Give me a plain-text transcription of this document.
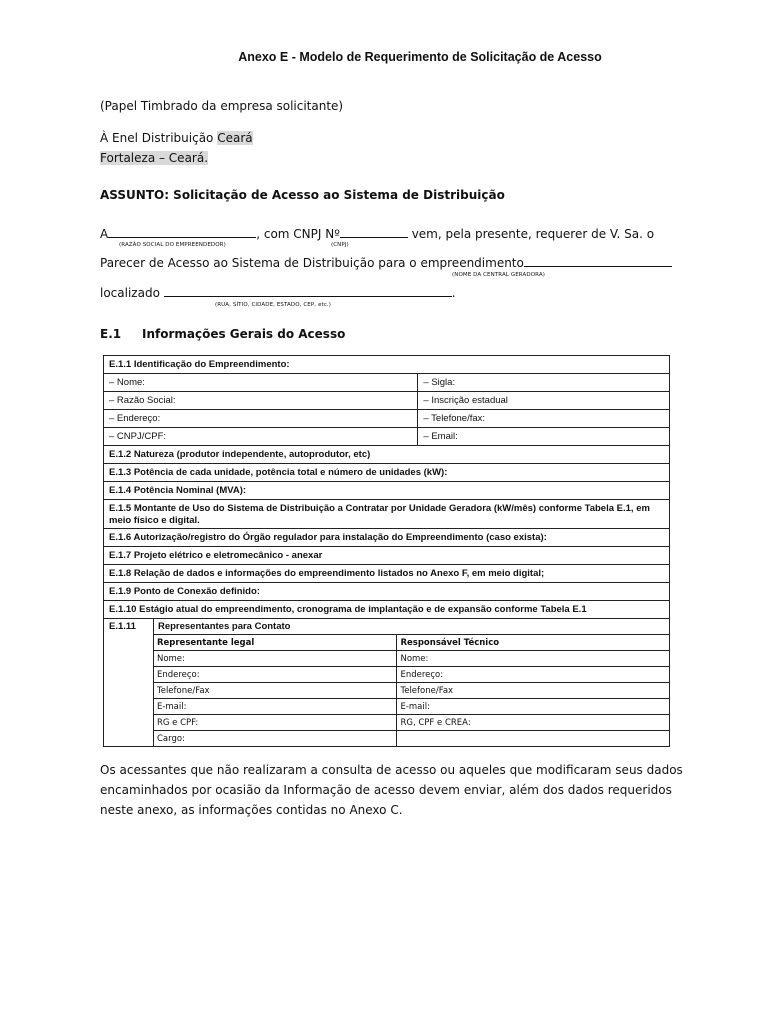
Anexo E - Modelo de Requerimento de Solicitação de Acesso
(Papel Timbrado da empresa solicitante)
À Enel Distribuição Ceará
Fortaleza – Ceará.
ASSUNTO: Solicitação de Acesso ao Sistema de Distribuição
A	, com CNPJ Nº	vem, pela presente, requerer de V. Sa. o
(RAZÃO SOCIAL DO EMPREENDEDOR)	(CNPJ)
Parecer de Acesso ao Sistema de Distribuição para o empreendimento
(NOME DA CENTRAL GERADORA)
localizado	.
(RUA, SÍTIO, CIDADE, ESTADO, CEP, etc.)
E.1 Informações Gerais do Acesso
E.1.1 Identificação do Empreendimento:
– Nome:	– Sigla:
– Razão Social:	– Inscrição estadual
– Endereço:	– Telefone/fax:
– CNPJ/CPF:	– Email:
E.1.2 Natureza (produtor independente, autoprodutor, etc)
E.1.3 Potência de cada unidade, potência total e número de unidades (kW):
E.1.4 Potência Nominal (MVA):
E.1.5 Montante de Uso do Sistema de Distribuição a Contratar por Unidade Geradora (kW/mês) conforme Tabela E.1, em meio físico e digital.
E.1.6 Autorização/registro do Órgão regulador para instalação do Empreendimento (caso exista):
E.1.7 Projeto elétrico e eletromecânico - anexar
E.1.8 Relação de dados e informações do empreendimento listados no Anexo F, em meio digital;
E.1.9 Ponto de Conexão definido:
E.1.10 Estágio atual do empreendimento, cronograma de implantação e de expansão conforme Tabela E.1
E.1.11	Representantes para Contato
Representante legal	Responsável Técnico
Nome:	Nome:
Endereço:	Endereço:
Telefone/Fax	Telefone/Fax
E-mail:	E-mail:
RG e CPF:	RG, CPF e CREA:
Cargo:	
Os acessantes que não realizaram a consulta de acesso ou aqueles que modificaram seus dados encaminhados por ocasião da Informação de acesso devem enviar, além dos dados requeridos neste anexo, as informações contidas no Anexo C.
